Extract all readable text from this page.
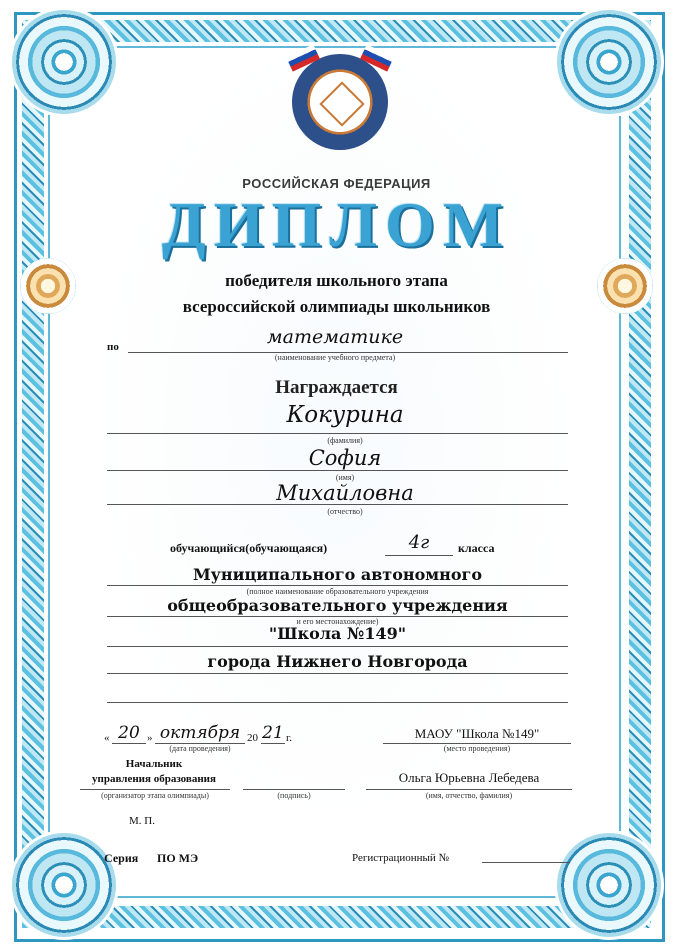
РОССИЙСКАЯ ФЕДЕРАЦИЯ
ДИПЛОМ
победителя школьного этапа
всероссийской олимпиады школьников
по	математике
(наименование учебного предмета)
Награждается
Кокурина
(фамилия)
София
(имя)
Михайловна
(отчество)
обучающийся(обучающаяся)	4г	класса
Муниципального автономного
(полное наименование образовательного учреждения
общеобразовательного учреждения
и его местонахождение)
"Школа №149"
города Нижнего Новгорода
« 20 » октября 20 21 г.
(дата проведения)
МАОУ "Школа №149"
(место проведения)
Начальник
управления образования
(организатор этапа олимпиады)	(подпись)
Ольга Юрьевна Лебедева
(имя, отчество, фамилия)
М. П.
Серия ПО МЭ	Регистрационный №
